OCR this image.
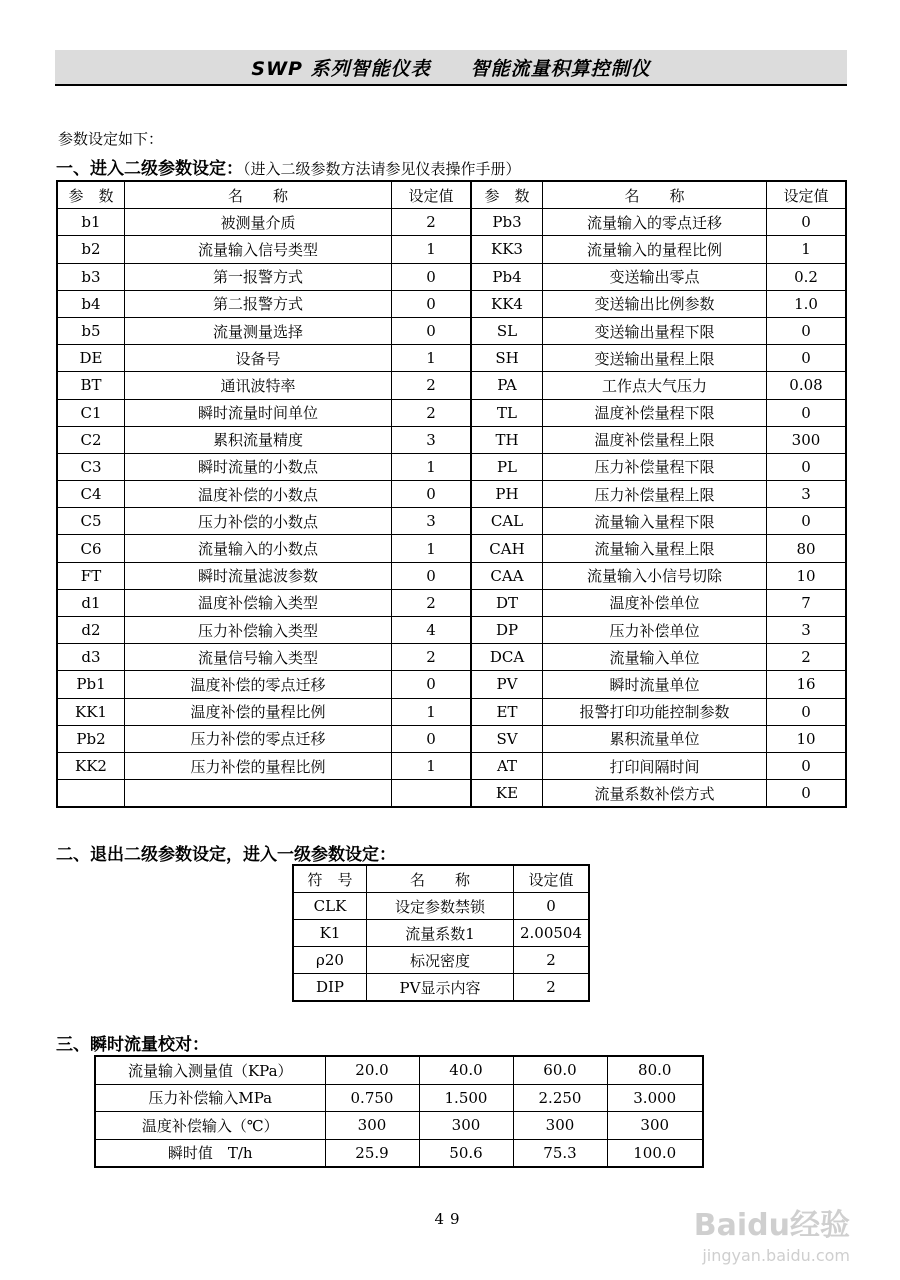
SWP 系列智能仪表 智能流量积算控制仪
参数设定如下：
一、进入二级参数设定：（进入二级参数方法请参见仪表操作手册）
参　数	名　　称	设定值	参　数	名　　称	设定值
b1	被测量介质	2	Pb3	流量输入的零点迁移	0
b2	流量输入信号类型	1	KK3	流量输入的量程比例	1
b3	第一报警方式	0	Pb4	变送输出零点	0.2
b4	第二报警方式	0	KK4	变送输出比例参数	1.0
b5	流量测量选择	0	SL	变送输出量程下限	0
DE	设备号	1	SH	变送输出量程上限	0
BT	通讯波特率	2	PA	工作点大气压力	0.08
C1	瞬时流量时间单位	2	TL	温度补偿量程下限	0
C2	累积流量精度	3	TH	温度补偿量程上限	300
C3	瞬时流量的小数点	1	PL	压力补偿量程下限	0
C4	温度补偿的小数点	0	PH	压力补偿量程上限	3
C5	压力补偿的小数点	3	CAL	流量输入量程下限	0
C6	流量输入的小数点	1	CAH	流量输入量程上限	80
FT	瞬时流量滤波参数	0	CAA	流量输入小信号切除	10
d1	温度补偿输入类型	2	DT	温度补偿单位	7
d2	压力补偿输入类型	4	DP	压力补偿单位	3
d3	流量信号输入类型	2	DCA	流量输入单位	2
Pb1	温度补偿的零点迁移	0	PV	瞬时流量单位	16
KK1	温度补偿的量程比例	1	ET	报警打印功能控制参数	0
Pb2	压力补偿的零点迁移	0	SV	累积流量单位	10
KK2	压力补偿的量程比例	1	AT	打印间隔时间	0
			KE	流量系数补偿方式	0
二、退出二级参数设定，进入一级参数设定：
符　号	名　　称	设定值
CLK	设定参数禁锁	0
K1	流量系数1	2.00504
ρ20	标况密度	2
DIP	PV显示内容	2
三、瞬时流量校对：
流量输入测量值（KPa）	20.0	40.0	60.0	80.0
压力补偿输入MPa	0.750	1.500	2.250	3.000
温度补偿输入（℃）	300	300	300	300
瞬时值　T/h	25.9	50.6	75.3	100.0
49	Baidu经验
jingyan.baidu.com
